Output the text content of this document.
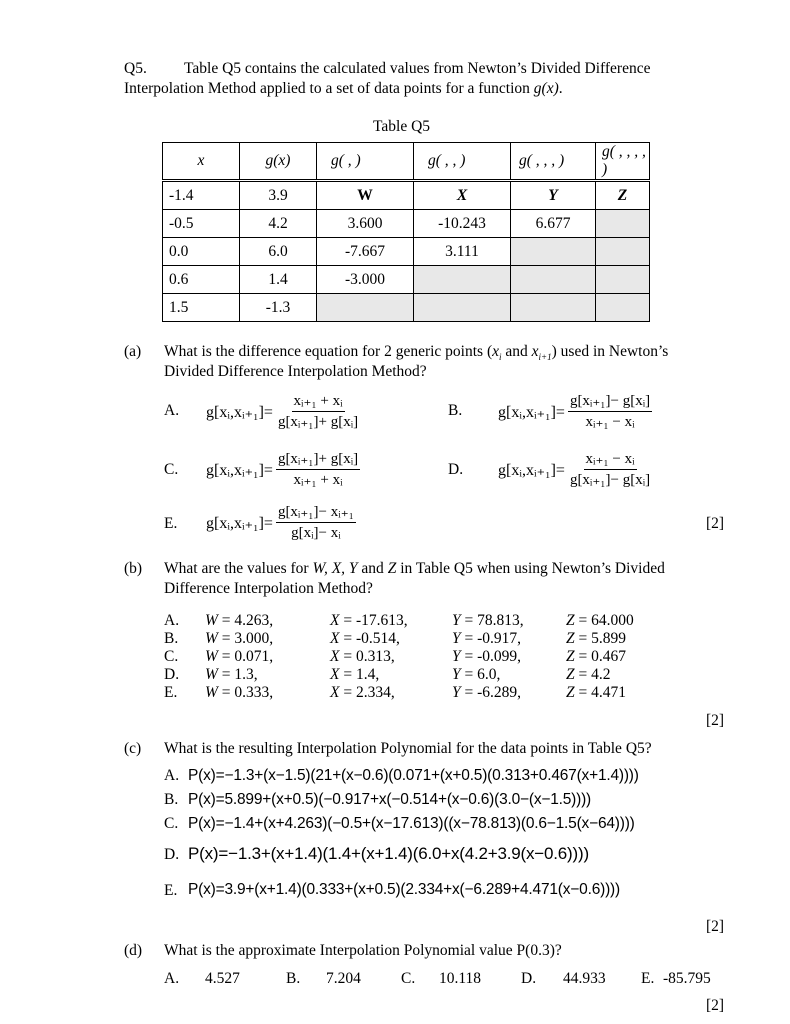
Q5. Table Q5 contains the calculated values from Newton’s Divided Difference
Interpolation Method applied to a set of data points for a function g(x).
Table Q5
x	g(x)	g( , )	g( , , )	g( , , , )	g( , , , , )
-1.4	3.9	W	X	Y	Z
-0.5	4.2	3.600	-10.243	6.677	
0.0	6.0	-7.667	3.111		
0.6	1.4	-3.000			
1.5	-1.3				
(a) What is the difference equation for 2 generic points ($x_i$ and $x_{i+1}$) used in Newton’s
Divided Difference Interpolation Method?
A. g[xᵢ,xᵢ₊₁]= $\frac{\text{xᵢ₊₁ + xᵢ}}{\text{g[xᵢ₊₁]+ g[xᵢ]}}$	B. g[xᵢ,xᵢ₊₁]= $\frac{\text{g[xᵢ₊₁]− g[xᵢ]}}{\text{xᵢ₊₁ − xᵢ}}$
C. g[xᵢ,xᵢ₊₁]= $\frac{\text{g[xᵢ₊₁]+ g[xᵢ]}}{\text{xᵢ₊₁ + xᵢ}}$	D. g[xᵢ,xᵢ₊₁]= $\frac{\text{xᵢ₊₁ − xᵢ}}{\text{g[xᵢ₊₁]− g[xᵢ]}}$
E. g[xᵢ,xᵢ₊₁]= $\frac{\text{g[xᵢ₊₁]− xᵢ₊₁}}{\text{g[xᵢ]− xᵢ}}$	[2]
(b) What are the values for W, X, Y and Z in Table Q5 when using Newton’s Divided
Difference Interpolation Method?
A. W = 4.263,	X = -17.613,	Y = 78.813,	Z = 64.000
B. W = 3.000,	X = -0.514,	Y = -0.917,	Z = 5.899
C. W = 0.071,	X = 0.313,	Y = -0.099,	Z = 0.467
D. W = 1.3,	X = 1.4,	Y = 6.0,	Z = 4.2
E. W = 0.333,	X = 2.334,	Y = -6.289,	Z = 4.471
[2]
(c) What is the resulting Interpolation Polynomial for the data points in Table Q5?
A. P(x)=−1.3+(x−1.5)(21+(x−0.6)(0.071+(x+0.5)(0.313+0.467(x+1.4))))
B. P(x)=5.899+(x+0.5)(−0.917+x(−0.514+(x−0.6)(3.0−(x−1.5))))
C. P(x)=−1.4+(x+4.263)(−0.5+(x−17.613)((x−78.813)(0.6−1.5(x−64))))
D. P(x)=−1.3+(x+1.4)(1.4+(x+1.4)(6.0+x(4.2+3.9(x−0.6))))
E. P(x)=3.9+(x+1.4)(0.333+(x+0.5)(2.334+x(−6.289+4.471(x−0.6))))
[2]
(d) What is the approximate Interpolation Polynomial value P(0.3)?
A. 4.527	B. 7.204	C. 10.118	D. 44.933 E. -85.795
[2]
